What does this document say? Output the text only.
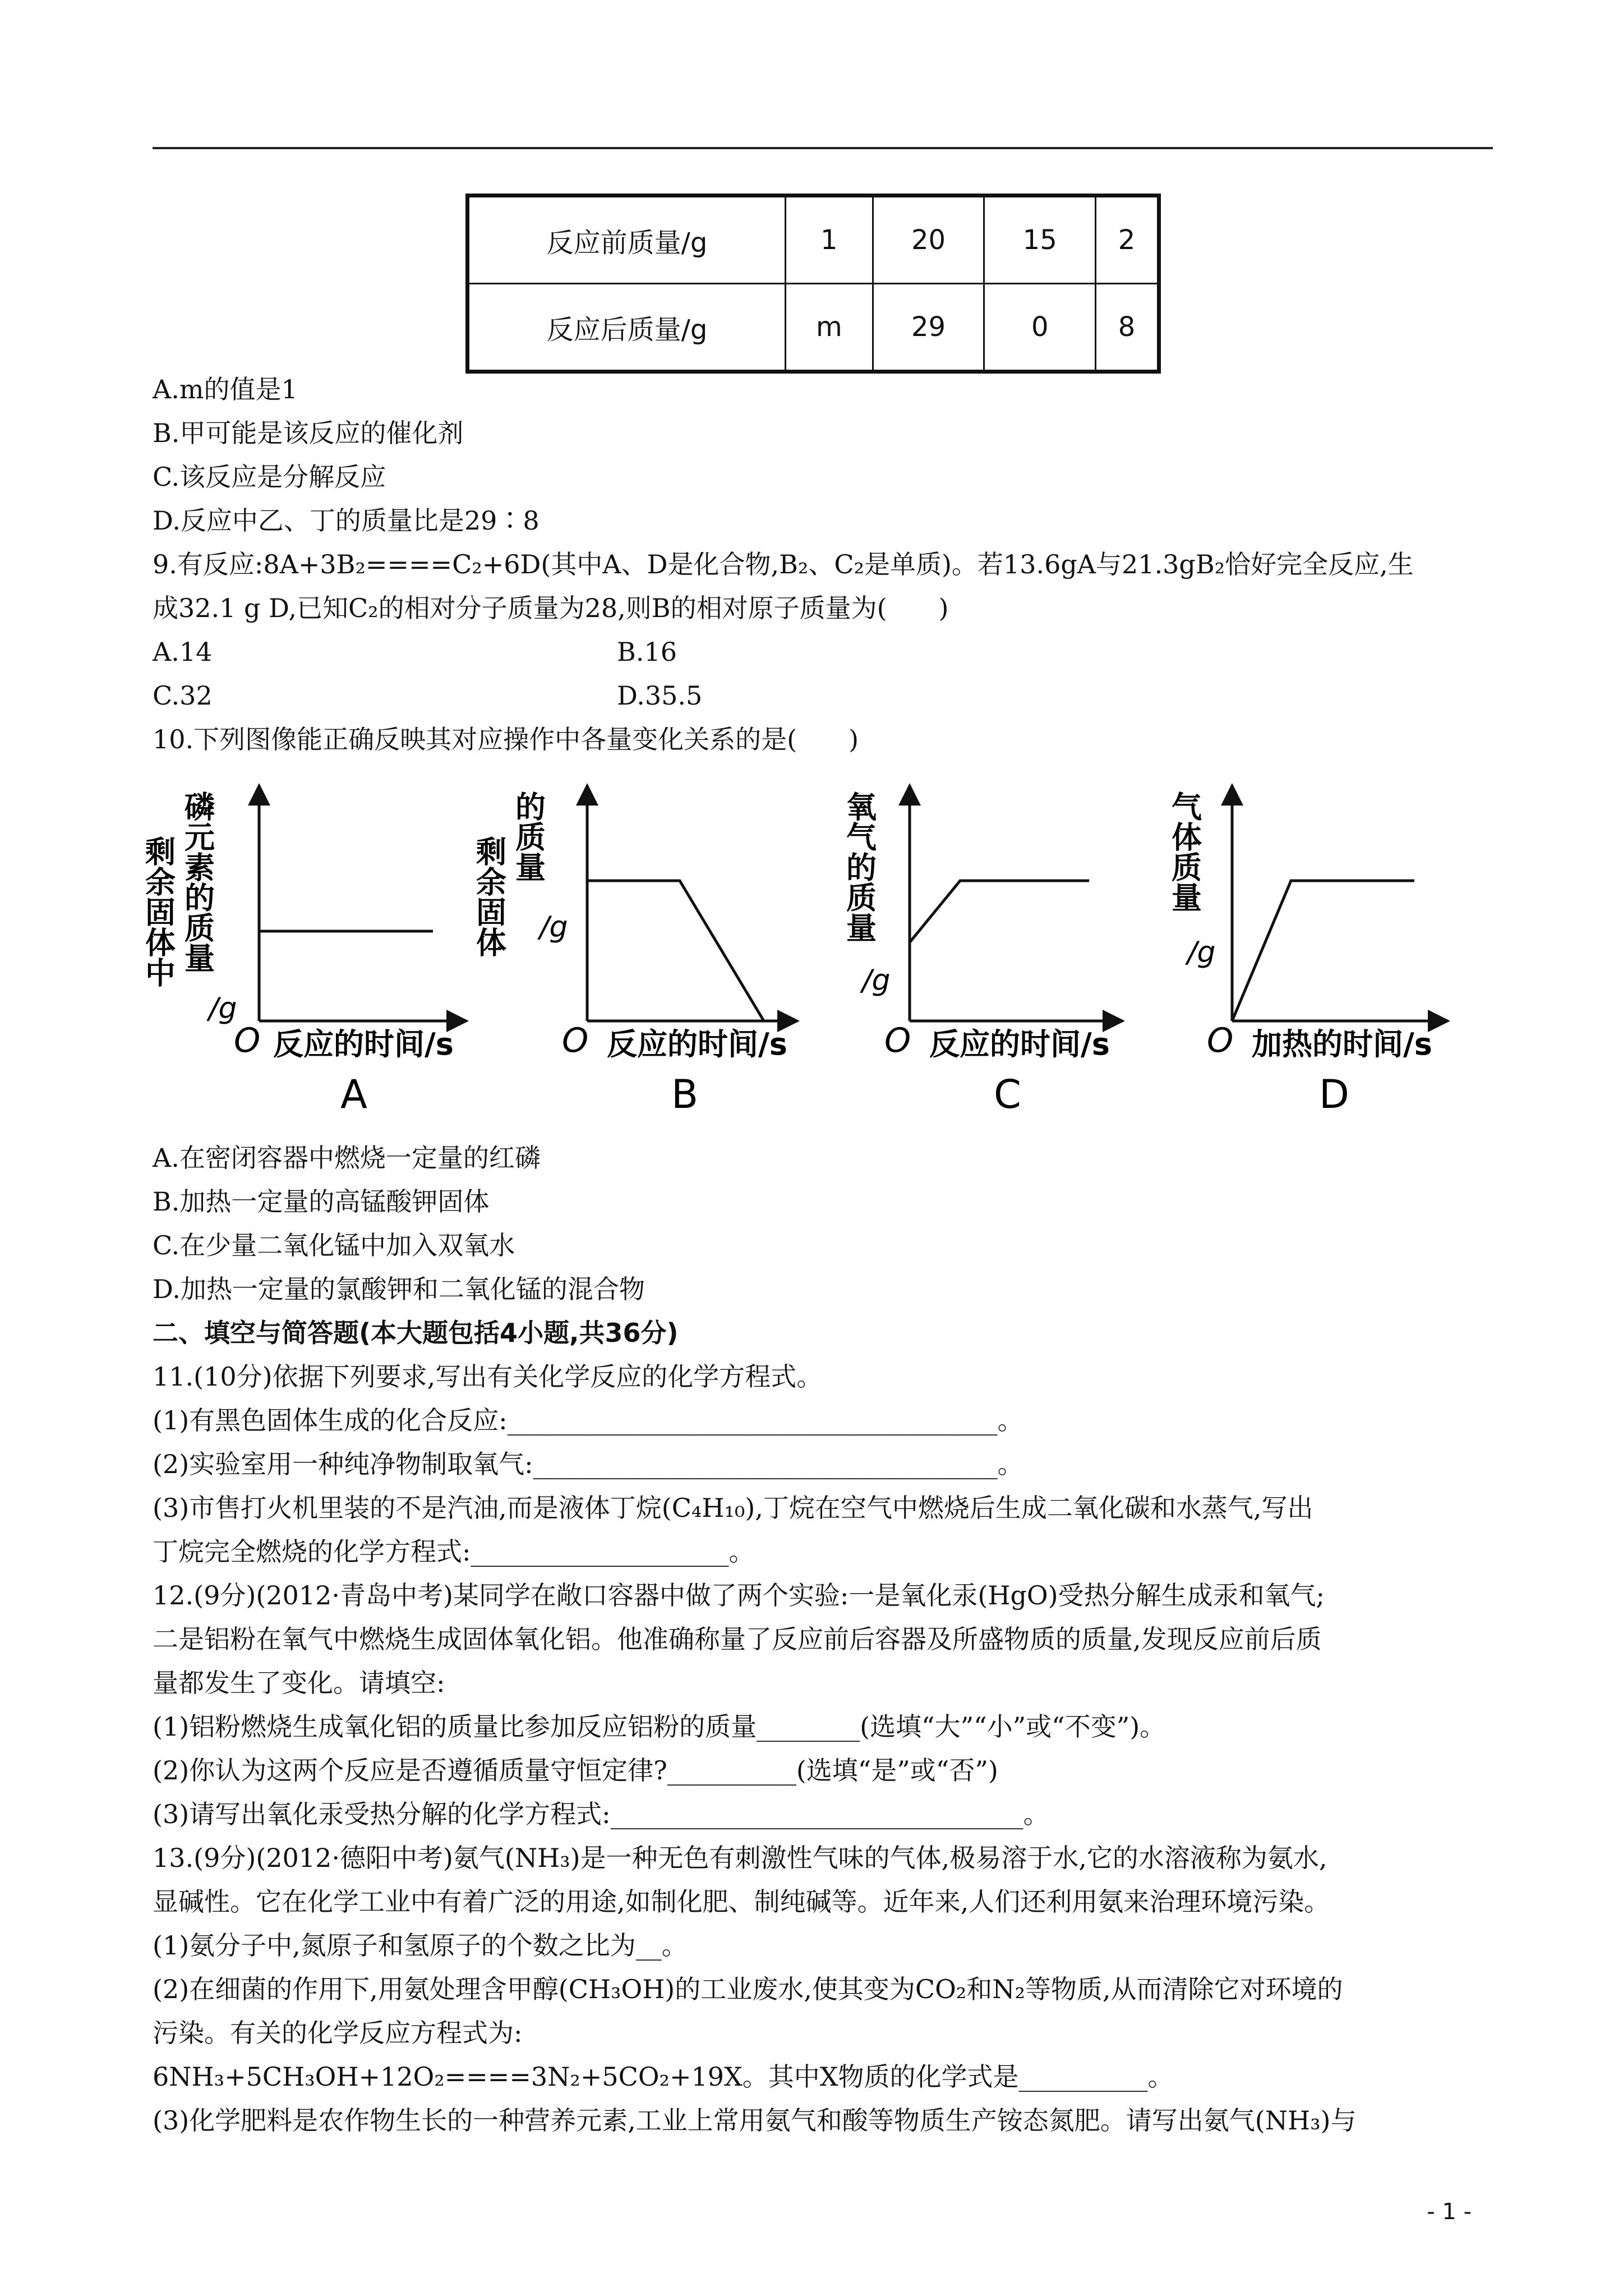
反应前质量/g	1	20	15	2
反应后质量/g	m	29	0	8
A.m的值是1
B.甲可能是该反应的催化剂
C.该反应是分解反应
D.反应中乙、丁的质量比是29∶8
9.有反应:8A+3B₂====C₂+6D(其中A、D是化合物,B₂、C₂是单质)。若13.6gA与21.3gB₂恰好完全反应,生
成32.1 g D,已知C₂的相对分子质量为28,则B的相对原子质量为(　　)
A.14	B.16
C.32	D.35.5
10.下列图像能正确反映其对应操作中各量变化关系的是(　　)
剩余固体中 磷元素的质量
/g
O 反应的时间/s
A
剩余固体 的质量
/g
O 反应的时间/s
B
氧气的质量
/g
O 反应的时间/s
C
气体质量
/g
O 加热的时间/s
D
A.在密闭容器中燃烧一定量的红磷
B.加热一定量的高锰酸钾固体
C.在少量二氧化锰中加入双氧水
D.加热一定量的氯酸钾和二氧化锰的混合物
二、填空与简答题(本大题包括4小题,共36分)
11.(10分)依据下列要求,写出有关化学反应的化学方程式。
(1)有黑色固体生成的化合反应:______________________________________。
(2)实验室用一种纯净物制取氧气:____________________________________。
(3)市售打火机里装的不是汽油,而是液体丁烷(C₄H₁₀),丁烷在空气中燃烧后生成二氧化碳和水蒸气,写出
丁烷完全燃烧的化学方程式:____________________。
12.(9分)(2012·青岛中考)某同学在敞口容器中做了两个实验:一是氧化汞(HgO)受热分解生成汞和氧气;
二是铝粉在氧气中燃烧生成固体氧化铝。他准确称量了反应前后容器及所盛物质的质量,发现反应前后质
量都发生了变化。请填空:
(1)铝粉燃烧生成氧化铝的质量比参加反应铝粉的质量________(选填“大”“小”或“不变”)。
(2)你认为这两个反应是否遵循质量守恒定律?__________(选填“是”或“否”)
(3)请写出氧化汞受热分解的化学方程式:________________________________。
13.(9分)(2012·德阳中考)氨气(NH₃)是一种无色有刺激性气味的气体,极易溶于水,它的水溶液称为氨水,
显碱性。它在化学工业中有着广泛的用途,如制化肥、制纯碱等。近年来,人们还利用氨来治理环境污染。
(1)氨分子中,氮原子和氢原子的个数之比为__。
(2)在细菌的作用下,用氨处理含甲醇(CH₃OH)的工业废水,使其变为CO₂和N₂等物质,从而清除它对环境的
污染。有关的化学反应方程式为:
6NH₃+5CH₃OH+12O₂====3N₂+5CO₂+19X。其中X物质的化学式是__________。
(3)化学肥料是农作物生长的一种营养元素,工业上常用氨气和酸等物质生产铵态氮肥。请写出氨气(NH₃)与
- 1 -
